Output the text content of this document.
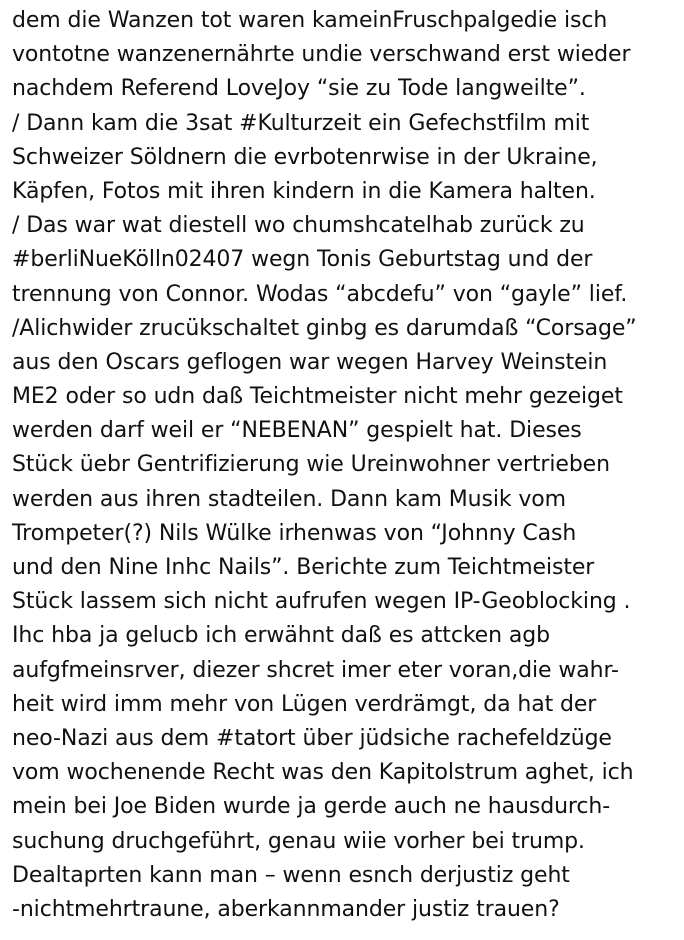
dem die Wanzen tot waren kameinFruschpalgedie isch
vontotne wanzenernährte undie verschwand erst wieder
nachdem Referend LoveJoy “sie zu Tode langweilte”.
/ Dann kam die 3sat #Kulturzeit ein Gefechstfilm mit
Schweizer Söldnern die evrbotenrwise in der Ukraine,
Käpfen, Fotos mit ihren kindern in die Kamera halten.
/ Das war wat diestell wo chumshcatelhab zurück zu
#berliNueKölln02407 wegn Tonis Geburtstag und der
trennung von Connor. Wodas “abcdefu” von “gayle” lief.
/Alichwider zrucükschaltet ginbg es darumdaß “Corsage”
aus den Oscars geflogen war wegen Harvey Weinstein
ME2 oder so udn daß Teichtmeister nicht mehr gezeiget
werden darf weil er “NEBENAN” gespielt hat. Dieses
Stück üebr Gentrifizierung wie Ureinwohner vertrieben
werden aus ihren stadteilen. Dann kam Musik vom
Trompeter(?) Nils Wülke irhenwas von “Johnny Cash
und den Nine Inhc Nails”. Berichte zum Teichtmeister
Stück lassem sich nicht aufrufen wegen IP-Geoblocking .
Ihc hba ja gelucb ich erwähnt daß es attcken agb
aufgfmeinsrver, diezer shcret imer eter voran,die wahr-
heit wird imm mehr von Lügen verdrämgt, da hat der
neo-Nazi aus dem #tatort über jüdsiche rachefeldzüge
vom wochenende Recht was den Kapitolstrum aghet, ich
mein bei Joe Biden wurde ja gerde auch ne hausdurch-
suchung druchgeführt, genau wiie vorher bei trump.
Dealtaprten kann man – wenn esnch derjustiz geht
-nichtmehrtraune, aberkannmander justiz trauen?
